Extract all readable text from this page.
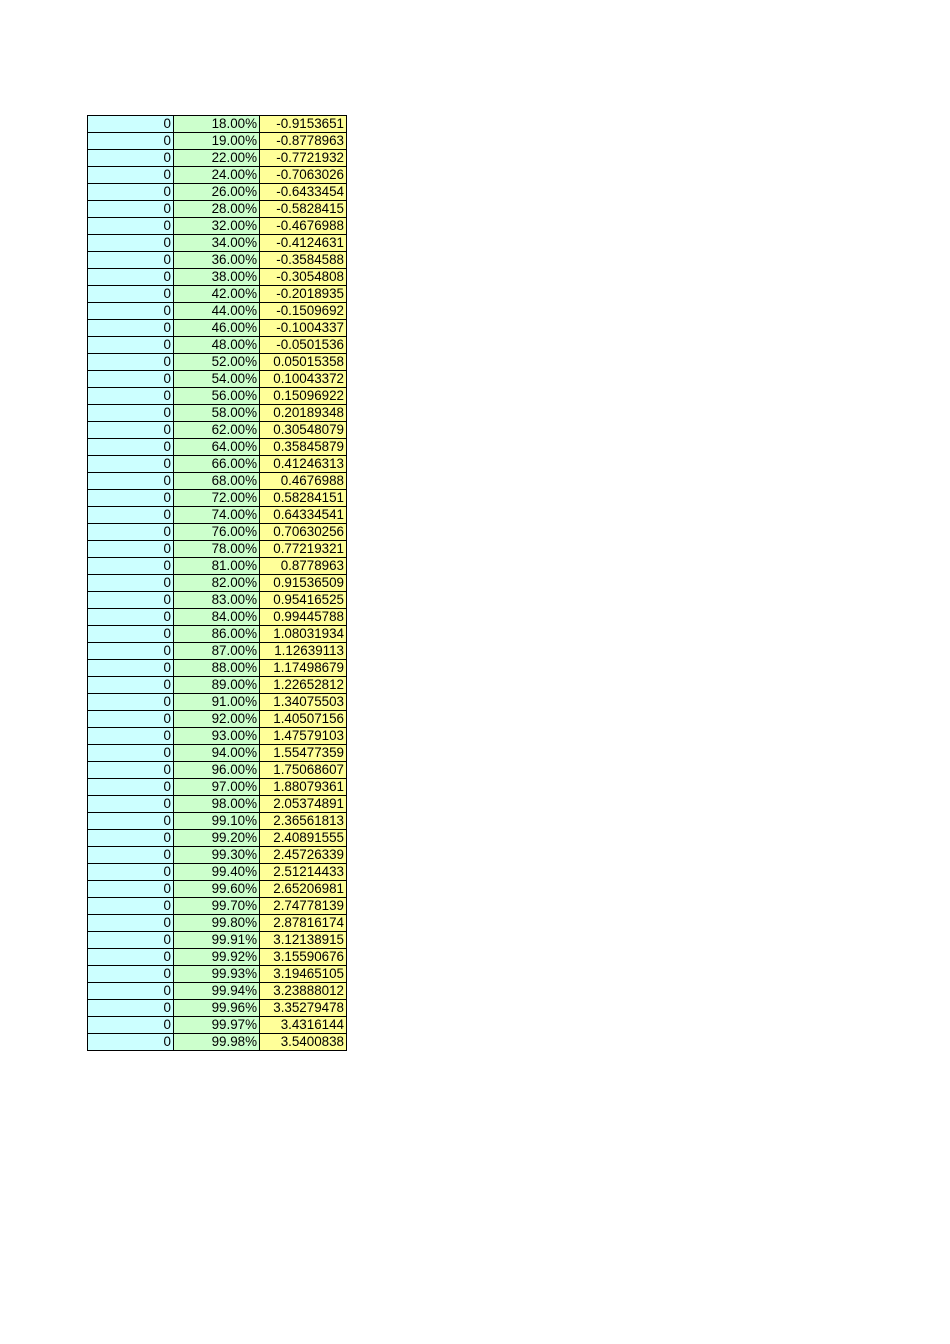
0	18.00%	-0.9153651
0	19.00%	-0.8778963
0	22.00%	-0.7721932
0	24.00%	-0.7063026
0	26.00%	-0.6433454
0	28.00%	-0.5828415
0	32.00%	-0.4676988
0	34.00%	-0.4124631
0	36.00%	-0.3584588
0	38.00%	-0.3054808
0	42.00%	-0.2018935
0	44.00%	-0.1509692
0	46.00%	-0.1004337
0	48.00%	-0.0501536
0	52.00%	0.05015358
0	54.00%	0.10043372
0	56.00%	0.15096922
0	58.00%	0.20189348
0	62.00%	0.30548079
0	64.00%	0.35845879
0	66.00%	0.41246313
0	68.00%	0.4676988
0	72.00%	0.58284151
0	74.00%	0.64334541
0	76.00%	0.70630256
0	78.00%	0.77219321
0	81.00%	0.8778963
0	82.00%	0.91536509
0	83.00%	0.95416525
0	84.00%	0.99445788
0	86.00%	1.08031934
0	87.00%	1.12639113
0	88.00%	1.17498679
0	89.00%	1.22652812
0	91.00%	1.34075503
0	92.00%	1.40507156
0	93.00%	1.47579103
0	94.00%	1.55477359
0	96.00%	1.75068607
0	97.00%	1.88079361
0	98.00%	2.05374891
0	99.10%	2.36561813
0	99.20%	2.40891555
0	99.30%	2.45726339
0	99.40%	2.51214433
0	99.60%	2.65206981
0	99.70%	2.74778139
0	99.80%	2.87816174
0	99.91%	3.12138915
0	99.92%	3.15590676
0	99.93%	3.19465105
0	99.94%	3.23888012
0	99.96%	3.35279478
0	99.97%	3.4316144
0	99.98%	3.5400838
